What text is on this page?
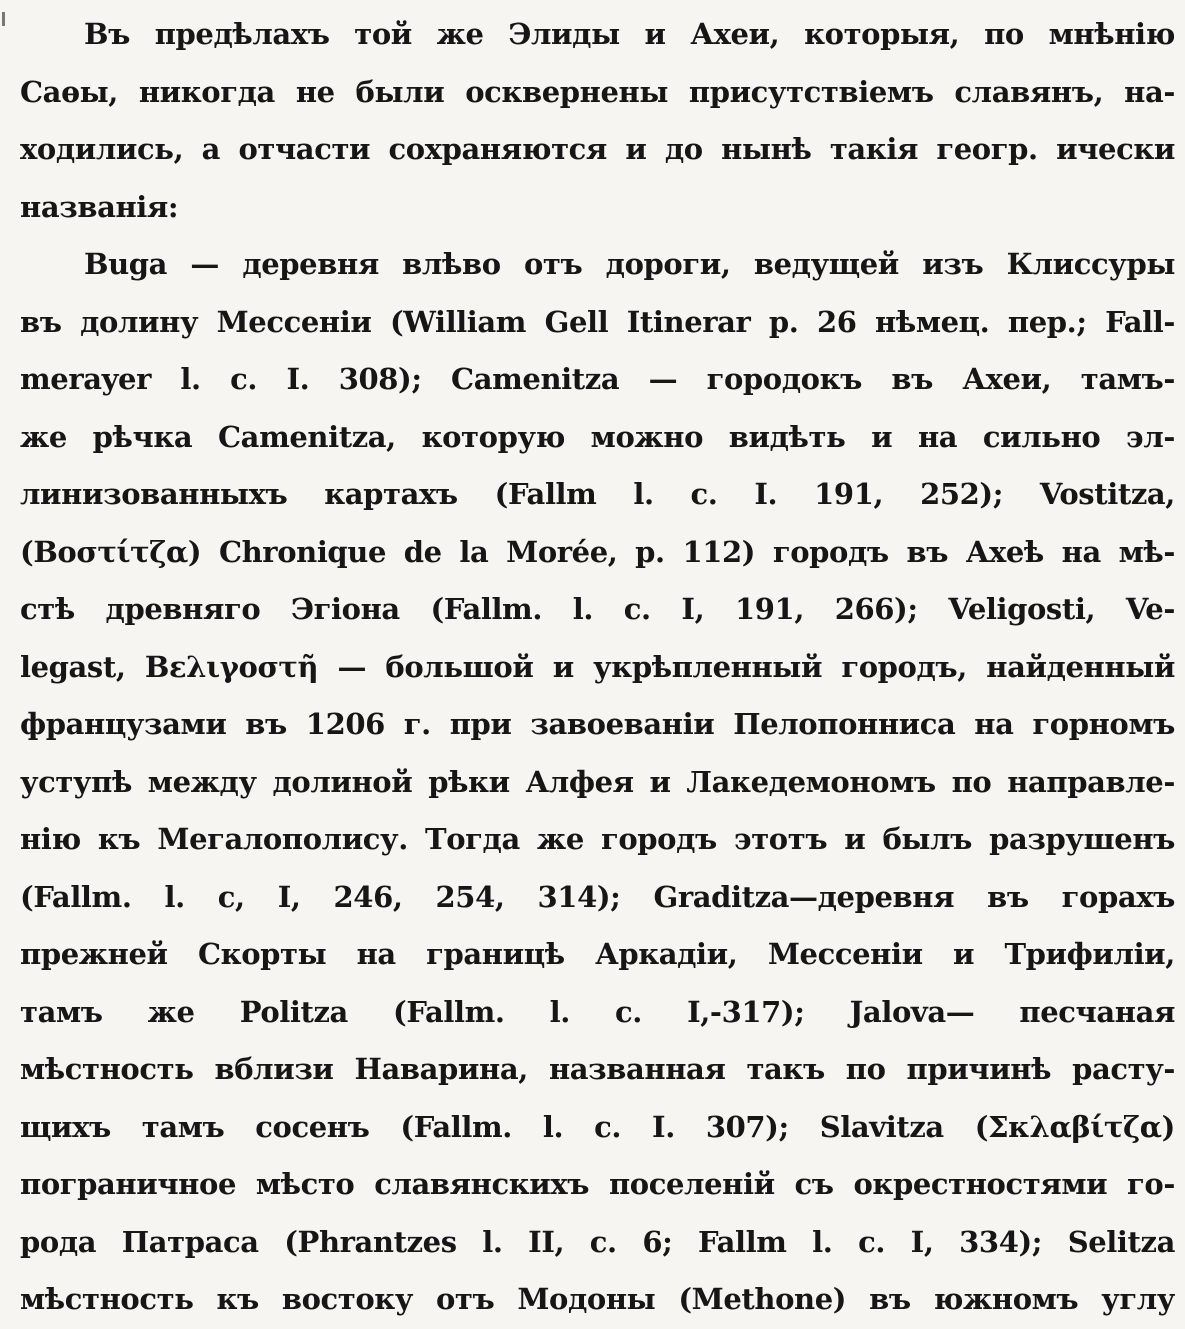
Въ предѣлахъ той же Элиды и Ахеи, которыя, по мнѣнію
Саѳы, никогда не были осквернены присутствіемъ славянъ, на-
ходились, а отчасти сохраняются и до нынѣ такія геогр. ически
названія:
Buga — деревня влѣво отъ дороги, ведущей изъ Клиссуры
въ долину Мессеніи (William Gell Itinerar p. 26 нѣмец. пер.; Fall-
merayer l. c. I. 308); Camenitza — городокъ въ Ахеи, тамъ-
же рѣчка Camenitza, которую можно видѣть и на сильно эл-
линизованныхъ картахъ (Fallm l. c. I. 191, 252); Vostitza,
(Βοστίτζα) Chronique de la Morée, p. 112) городъ въ Ахеѣ на мѣ-
стѣ древняго Эгіона (Fallm. l. c. I, 191, 266); Veligosti, Ve-
legast, Βελιγοστῆ — большой и укрѣпленный городъ, найденный
французами въ 1206 г. при завоеваніи Пелопонниса на горномъ
уступѣ между долиной рѣки Алфея и Лакедемономъ по направле-
нію къ Мегалополису. Тогда же городъ этотъ и былъ разрушенъ
(Fallm. l. c, I, 246, 254, 314); Graditza—деревня въ горахъ
прежней Скорты на границѣ Аркадіи, Мессеніи и Трифиліи,
тамъ же Politza (Fallm. l. c. I,-317); Jalova— песчаная
мѣстность вблизи Наварина, названная такъ по причинѣ расту-
щихъ тамъ сосенъ (Fallm. l. c. I. 307); Slavitza (Σκλαβίτζα)
пограничное мѣсто славянскихъ поселеній съ окрестностями го-
рода Патраса (Phrantzes l. II, c. 6; Fallm l. c. I, 334); Selitza
мѣстность къ востоку отъ Модоны (Methone) въ южномъ углу
